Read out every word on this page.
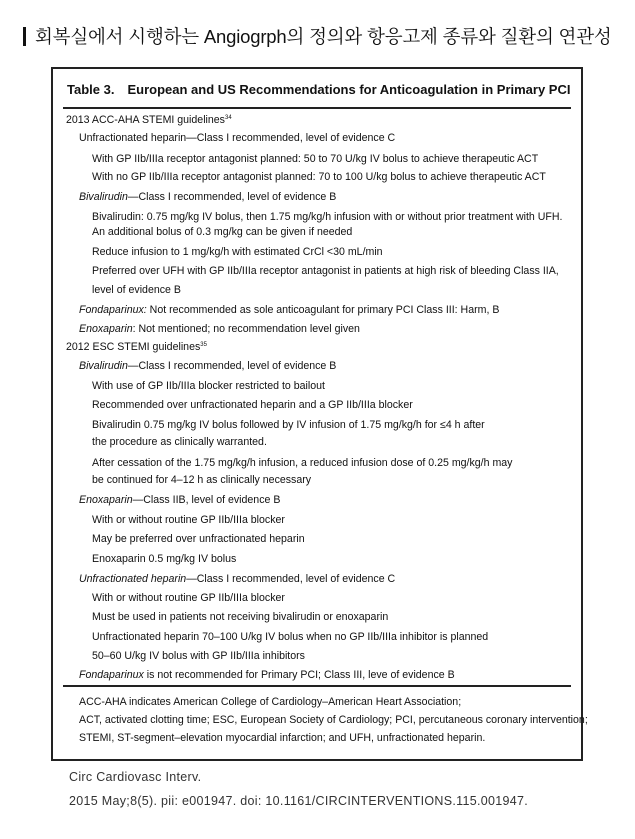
회복실에서 시행하는 Angiogrph의 정의와 항응고제 종류와 질환의 연관성
Table 3. European and US Recommendations for Anticoagulation in Primary PCI
2013 ACC-AHA STEMI guidelines$^{34}$
Unfractionated heparin—Class I recommended, level of evidence C
With GP IIb/IIIa receptor antagonist planned: 50 to 70 U/kg IV bolus to achieve therapeutic ACT
With no GP IIb/IIIa receptor antagonist planned: 70 to 100 U/kg bolus to achieve therapeutic ACT
Bivalirudin—Class I recommended, level of evidence B
Bivalirudin: 0.75 mg/kg IV bolus, then 1.75 mg/kg/h infusion with or without prior treatment with UFH.
An additional bolus of 0.3 mg/kg can be given if needed
Reduce infusion to 1 mg/kg/h with estimated CrCl <30 mL/min
Preferred over UFH with GP IIb/IIIa receptor antagonist in patients at high risk of bleeding Class IIA,
level of evidence B
Fondaparinux: Not recommended as sole anticoagulant for primary PCI Class III: Harm, B
Enoxaparin: Not mentioned; no recommendation level given
2012 ESC STEMI guidelines$^{35}$
Bivalirudin—Class I recommended, level of evidence B
With use of GP IIb/IIIa blocker restricted to bailout
Recommended over unfractionated heparin and a GP IIb/IIIa blocker
Bivalirudin 0.75 mg/kg IV bolus followed by IV infusion of 1.75 mg/kg/h for ≤4 h after
the procedure as clinically warranted.
After cessation of the 1.75 mg/kg/h infusion, a reduced infusion dose of 0.25 mg/kg/h may
be continued for 4–12 h as clinically necessary
Enoxaparin—Class IIB, level of evidence B
With or without routine GP IIb/IIIa blocker
May be preferred over unfractionated heparin
Enoxaparin 0.5 mg/kg IV bolus
Unfractionated heparin—Class I recommended, level of evidence C
With or without routine GP IIb/IIIa blocker
Must be used in patients not receiving bivalirudin or enoxaparin
Unfractionated heparin 70–100 U/kg IV bolus when no GP IIb/IIIa inhibitor is planned
50–60 U/kg IV bolus with GP IIb/IIIa inhibitors
Fondaparinux is not recommended for Primary PCI; Class III, leve of evidence B
ACC-AHA indicates American College of Cardiology–American Heart Association;
ACT, activated clotting time; ESC, European Society of Cardiology; PCI, percutaneous coronary intervention;
STEMI, ST-segment–elevation myocardial infarction; and UFH, unfractionated heparin.
Circ Cardiovasc Interv.
2015 May;8(5). pii: e001947. doi: 10.1161/CIRCINTERVENTIONS.115.001947.
